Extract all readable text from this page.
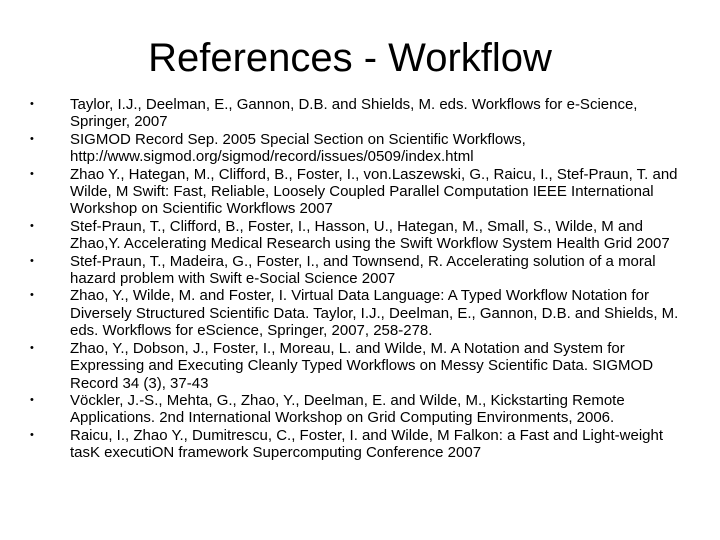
References - Workflow
• Taylor, I.J., Deelman, E., Gannon, D.B. and Shields, M. eds. Workflows for e-Science, Springer, 2007
• SIGMOD Record Sep. 2005 Special Section on Scientific Workflows, http://www.sigmod.org/sigmod/record/issues/0509/index.html
• Zhao Y., Hategan, M., Clifford, B., Foster, I., von.Laszewski, G., Raicu, I., Stef-Praun, T. and Wilde, M Swift: Fast, Reliable, Loosely Coupled Parallel Computation IEEE International Workshop on Scientific Workflows 2007
• Stef-Praun, T., Clifford, B., Foster, I., Hasson, U., Hategan, M., Small, S., Wilde, M and Zhao,Y. Accelerating Medical Research using the Swift Workflow System Health Grid 2007
• Stef-Praun, T., Madeira, G., Foster, I., and Townsend, R. Accelerating solution of a moral hazard problem with Swift e-Social Science 2007
• Zhao, Y., Wilde, M. and Foster, I. Virtual Data Language: A Typed Workflow Notation for Diversely Structured Scientific Data. Taylor, I.J., Deelman, E., Gannon, D.B. and Shields, M. eds. Workflows for eScience, Springer, 2007, 258-278.
• Zhao, Y., Dobson, J., Foster, I., Moreau, L. and Wilde, M. A Notation and System for Expressing and Executing Cleanly Typed Workflows on Messy Scientific Data. SIGMOD Record 34 (3), 37-43
• Vöckler, J.-S., Mehta, G., Zhao, Y., Deelman, E. and Wilde, M., Kickstarting Remote Applications. 2nd International Workshop on Grid Computing Environments, 2006.
• Raicu, I., Zhao Y., Dumitrescu, C., Foster, I. and Wilde, M Falkon: a Fast and Light-weight tasK executiON framework Supercomputing Conference 2007
